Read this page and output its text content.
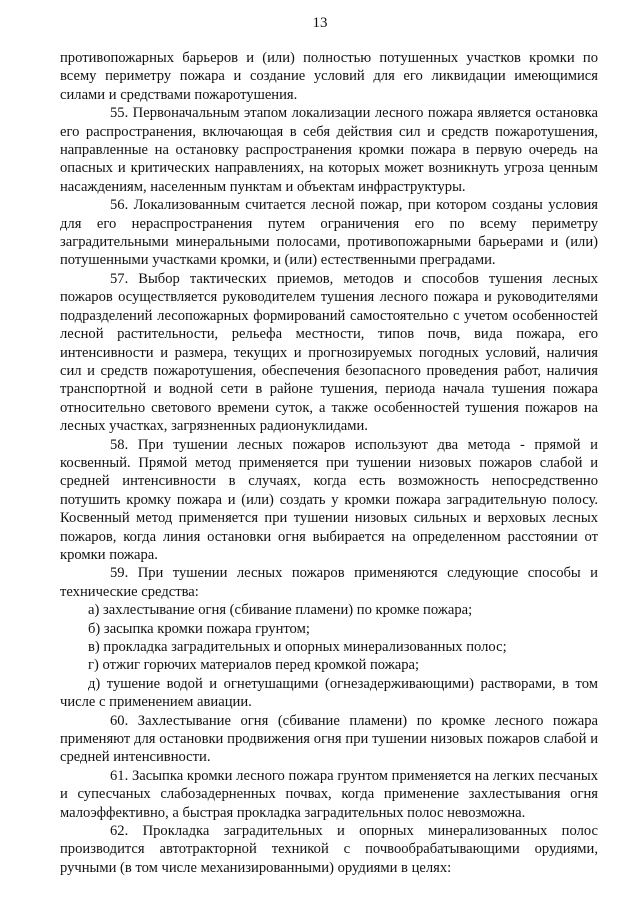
13

противопожарных барьеров и (или) полностью потушенных участков кромки по всему периметру пожара и создание условий для его ликвидации имеющимися силами и средствами пожаротушения.

55. Первоначальным этапом локализации лесного пожара является остановка его распространения, включающая в себя действия сил и средств пожаротушения, направленные на остановку распространения кромки пожара в первую очередь на опасных и критических направлениях, на которых может возникнуть угроза ценным насаждениям, населенным пунктам и объектам инфраструктуры.

56. Локализованным считается лесной пожар, при котором созданы условия для его нераспространения путем ограничения его по всему периметру заградительными минеральными полосами, противопожарными барьерами и (или) потушенными участками кромки, и (или) естественными преградами.

57. Выбор тактических приемов, методов и способов тушения лесных пожаров осуществляется руководителем тушения лесного пожара и руководителями подразделений лесопожарных формирований самостоятельно с учетом особенностей лесной растительности, рельефа местности, типов почв, вида пожара, его интенсивности и размера, текущих и прогнозируемых погодных условий, наличия сил и средств пожаротушения, обеспечения безопасного проведения работ, наличия транспортной и водной сети в районе тушения, периода начала тушения пожара относительно светового времени суток, а также особенностей тушения пожаров на лесных участках, загрязненных радионуклидами.

58. При тушении лесных пожаров используют два метода - прямой и косвенный. Прямой метод применяется при тушении низовых пожаров слабой и средней интенсивности в случаях, когда есть возможность непосредственно потушить кромку пожара и (или) создать у кромки пожара заградительную полосу. Косвенный метод применяется при тушении низовых сильных и верховых лесных пожаров, когда линия остановки огня выбирается на определенном расстоянии от кромки пожара.

59. При тушении лесных пожаров применяются следующие способы и технические средства:

а) захлестывание огня (сбивание пламени) по кромке пожара;

б) засыпка кромки пожара грунтом;

в) прокладка заградительных и опорных минерализованных полос;

г) отжиг горючих материалов перед кромкой пожара;

д) тушение водой и огнетушащими (огнезадерживающими) растворами, в том числе с применением авиации.

60. Захлестывание огня (сбивание пламени) по кромке лесного пожара применяют для остановки продвижения огня при тушении низовых пожаров слабой и средней интенсивности.

61. Засыпка кромки лесного пожара грунтом применяется на легких песчаных и супесчаных слабозадерненных почвах, когда применение захлестывания огня малоэффективно, а быстрая прокладка заградительных полос невозможна.

62. Прокладка заградительных и опорных минерализованных полос производится автотракторной техникой с почвообрабатывающими орудиями, ручными (в том числе механизированными) орудиями в целях:
